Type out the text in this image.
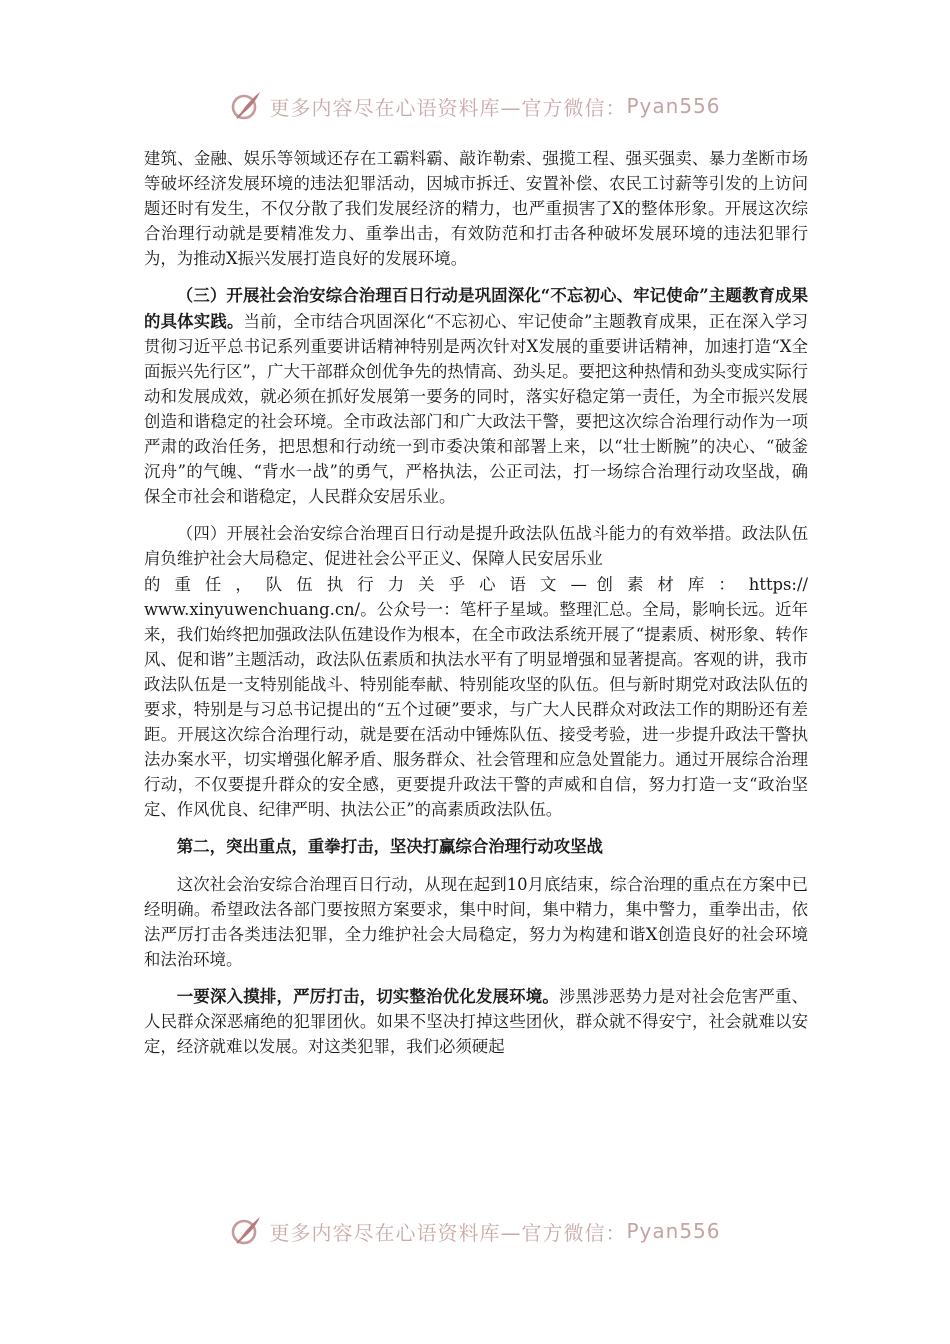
更多内容尽在心语资料库—官方微信： Pyan556

建筑、金融、娱乐等领域还存在工霸料霸、敲诈勒索、强揽工程、强买强卖、暴力垄断市场等破坏经济发展环境的违法犯罪活动，因城市拆迁、安置补偿、农民工讨薪等引发的上访问题还时有发生，不仅分散了我们发展经济的精力，也严重损害了X的整体形象。开展这次综合治理行动就是要精准发力、重拳出击，有效防范和打击各种破坏发展环境的违法犯罪行为，为推动X振兴发展打造良好的发展环境。

（三）开展社会治安综合治理百日行动是巩固深化“不忘初心、牢记使命”主题教育成果的具体实践。当前，全市结合巩固深化“不忘初心、牢记使命”主题教育成果，正在深入学习贯彻习近平总书记系列重要讲话精神特别是两次针对X发展的重要讲话精神，加速打造“X全面振兴先行区”，广大干部群众创优争先的热情高、劲头足。要把这种热情和劲头变成实际行动和发展成效，就必须在抓好发展第一要务的同时，落实好稳定第一责任，为全市振兴发展创造和谐稳定的社会环境。全市政法部门和广大政法干警，要把这次综合治理行动作为一项严肃的政治任务，把思想和行动统一到市委决策和部署上来，以“壮士断腕”的决心、“破釜沉舟”的气魄、“背水一战”的勇气，严格执法，公正司法，打一场综合治理行动攻坚战，确保全市社会和谐稳定，人民群众安居乐业。

（四）开展社会治安综合治理百日行动是提升政法队伍战斗能力的有效举措。政法队伍肩负维护社会大局稳定、促进社会公平正义、保障人民安居乐业

的 重 任 ， 队 伍 执 行 力 关 乎 心 语 文 — 创 素 材 库 ： https://

www.xinyuwenchuang.cn/。公众号一：笔杆子星域。整理汇总。全局，影响长远。近年来，我们始终把加强政法队伍建设作为根本，在全市政法系统开展了“提素质、树形象、转作风、促和谐”主题活动，政法队伍素质和执法水平有了明显增强和显著提高。客观的讲，我市政法队伍是一支特别能战斗、特别能奉献、特别能攻坚的队伍。但与新时期党对政法队伍的要求，特别是与习总书记提出的“五个过硬”要求，与广大人民群众对政法工作的期盼还有差距。开展这次综合治理行动，就是要在活动中锤炼队伍、接受考验，进一步提升政法干警执法办案水平，切实增强化解矛盾、服务群众、社会管理和应急处置能力。通过开展综合治理行动，不仅要提升群众的安全感，更要提升政法干警的声威和自信，努力打造一支“政治坚定、作风优良、纪律严明、执法公正”的高素质政法队伍。

第二，突出重点，重拳打击，坚决打赢综合治理行动攻坚战

这次社会治安综合治理百日行动，从现在起到10月底结束，综合治理的重点在方案中已经明确。希望政法各部门要按照方案要求，集中时间，集中精力，集中警力，重拳出击，依法严厉打击各类违法犯罪，全力维护社会大局稳定，努力为构建和谐X创造良好的社会环境和法治环境。

一要深入摸排，严厉打击，切实整治优化发展环境。涉黑涉恶势力是对社会危害严重、人民群众深恶痛绝的犯罪团伙。如果不坚决打掉这些团伙，群众就不得安宁，社会就难以安定，经济就难以发展。对这类犯罪，我们必须硬起

更多内容尽在心语资料库—官方微信： Pyan556
